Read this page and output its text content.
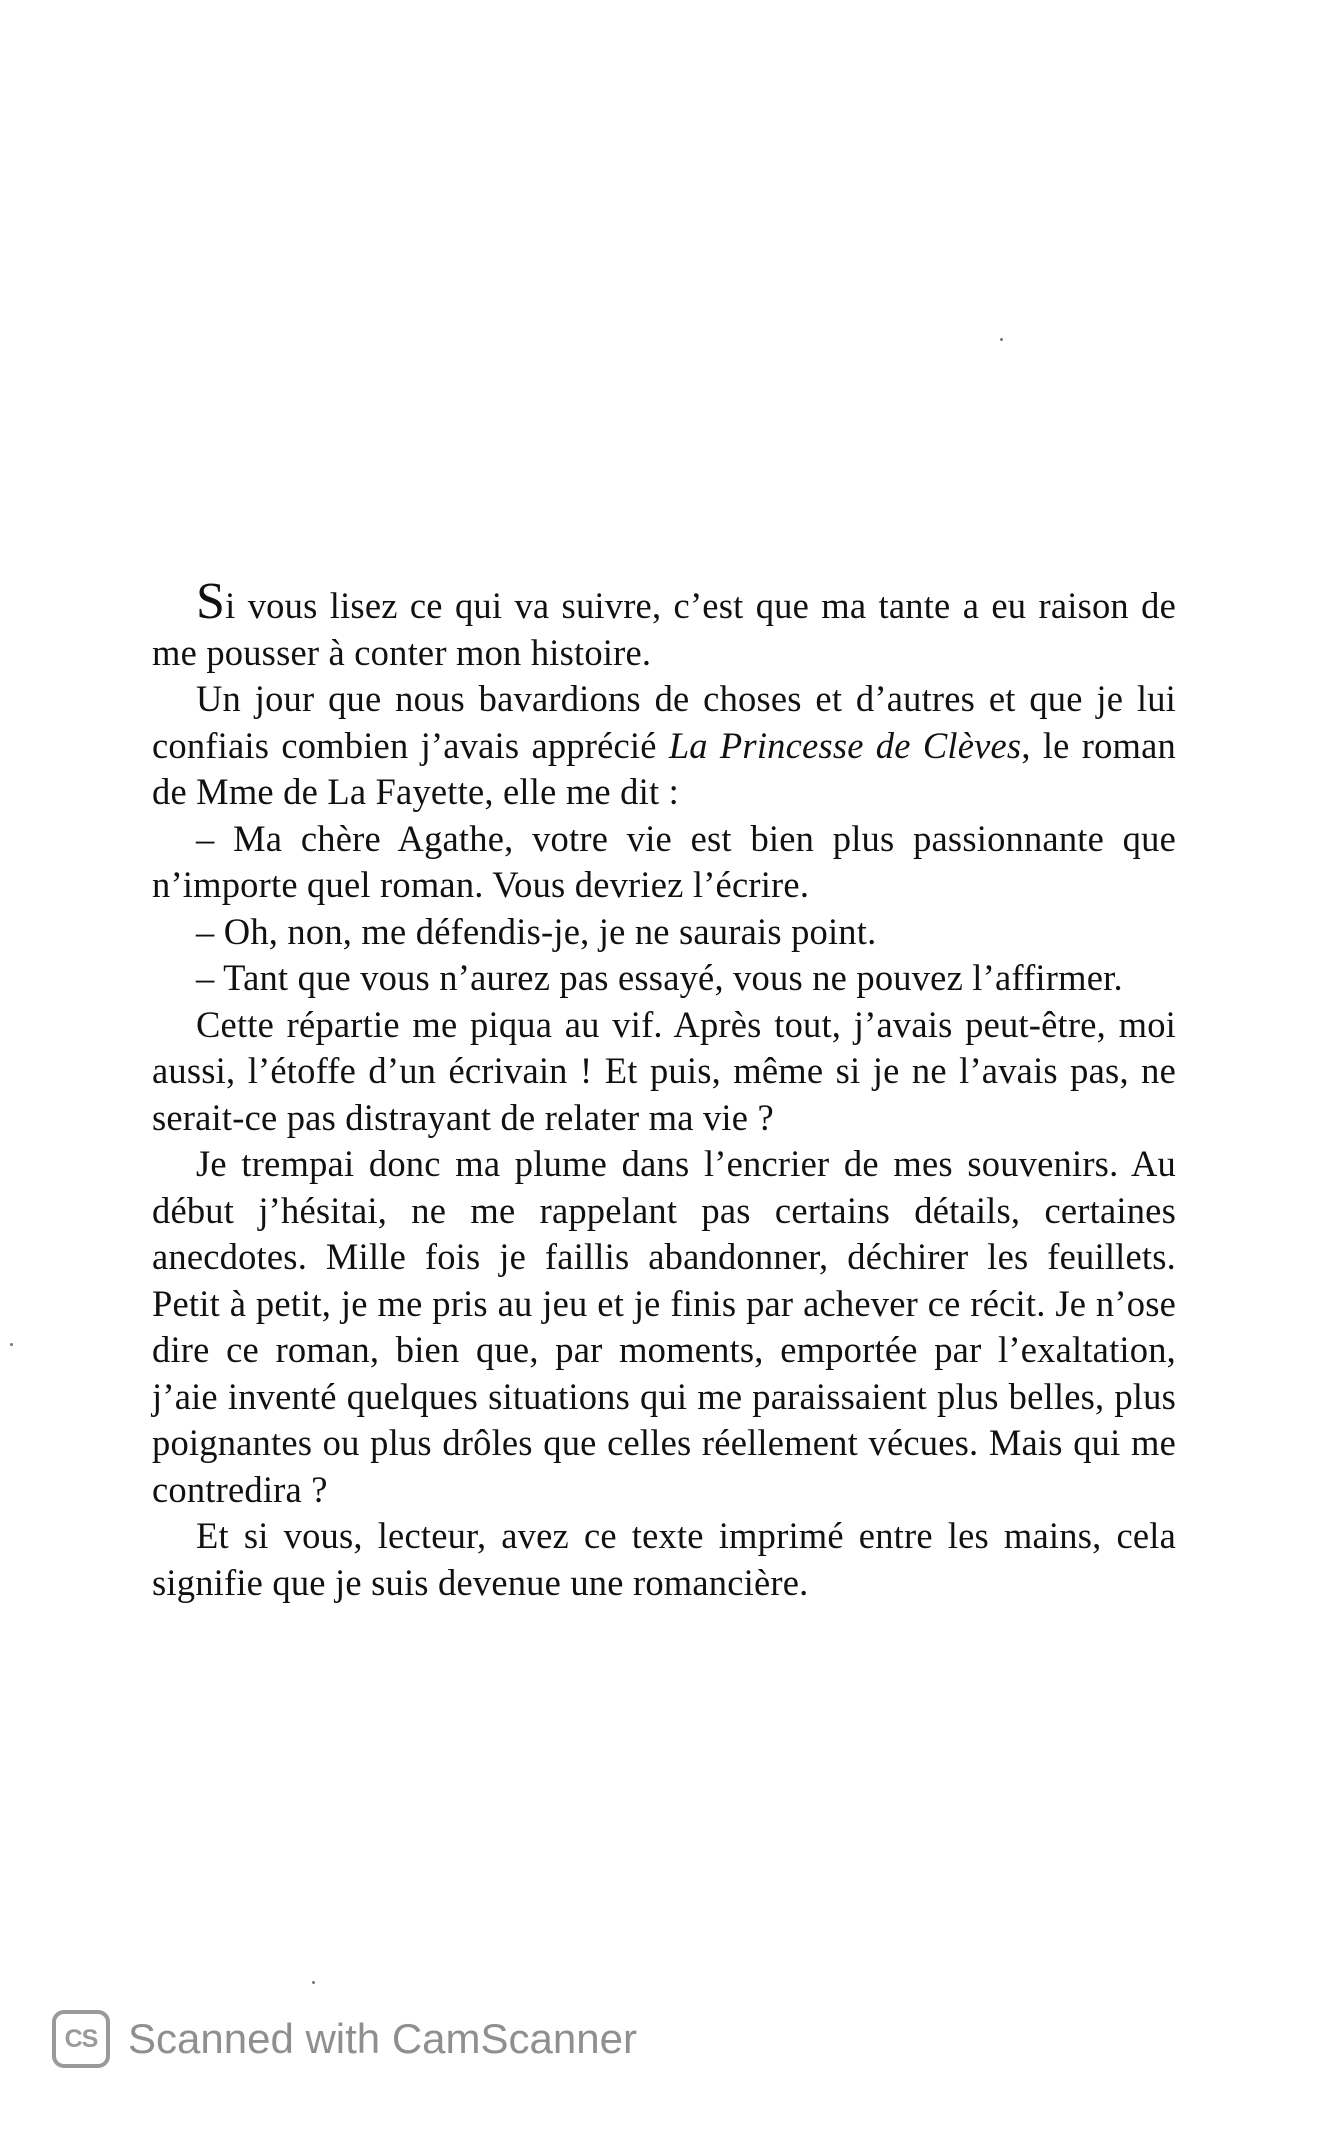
Si vous lisez ce qui va suivre, c’est que ma tante a eu raison de me pousser à conter mon histoire.

Un jour que nous bavardions de choses et d’autres et que je lui confiais combien j’avais apprécié La Princesse de Clèves, le roman de Mme de La Fayette, elle me dit :

– Ma chère Agathe, votre vie est bien plus passionnante que n’importe quel roman. Vous devriez l’écrire.

– Oh, non, me défendis-je, je ne saurais point.

– Tant que vous n’aurez pas essayé, vous ne pouvez l’affirmer.

Cette répartie me piqua au vif. Après tout, j’avais peut-être, moi aussi, l’étoffe d’un écrivain ! Et puis, même si je ne l’avais pas, ne serait-ce pas distrayant de relater ma vie ?

Je trempai donc ma plume dans l’encrier de mes souvenirs. Au début j’hésitai, ne me rappelant pas certains détails, certaines anecdotes. Mille fois je faillis abandonner, déchirer les feuillets. Petit à petit, je me pris au jeu et je finis par achever ce récit. Je n’ose dire ce roman, bien que, par moments, emportée par l’exaltation, j’aie inventé quelques situations qui me paraissaient plus belles, plus poignantes ou plus drôles que celles réellement vécues. Mais qui me contredira ?

Et si vous, lecteur, avez ce texte imprimé entre les mains, cela signifie que je suis devenue une romancière.

CS Scanned with CamScanner
